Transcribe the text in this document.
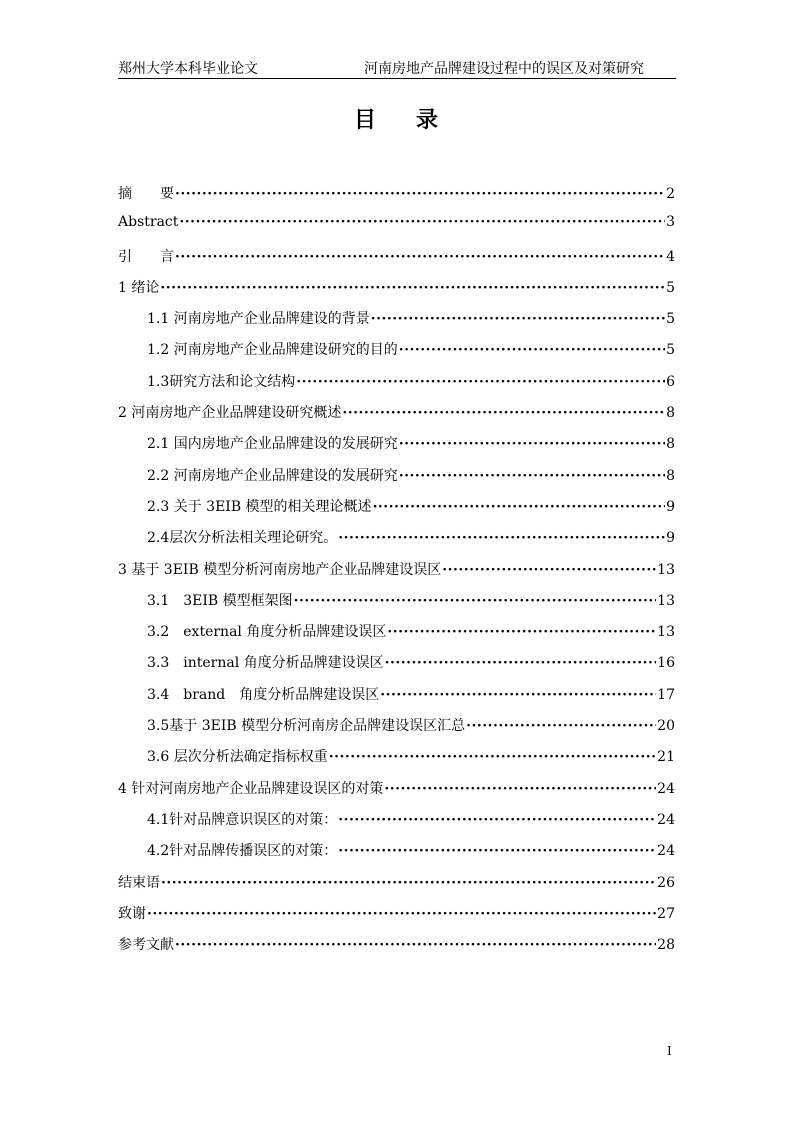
郑州大学本科毕业论文	河南房地产品牌建设过程中的误区及对策研究
目 录
摘　　要 ·····	2
Abstract ·····	3
引　　言 ·····	4
1 绪论 ·····	5
1.1 河南房地产企业品牌建设的背景 ·····	5
1.2 河南房地产企业品牌建设研究的目的 ·····	5
1.3研究方法和论文结构 ·····	6
2 河南房地产企业品牌建设研究概述 ·····	8
2.1 国内房地产企业品牌建设的发展研究 ·····	8
2.2 河南房地产企业品牌建设的发展研究 ·····	8
2.3 关于 3EIB 模型的相关理论概述 ·····	9
2.4层次分析法相关理论研究。 ·····	9
3 基于 3EIB 模型分析河南房地产企业品牌建设误区 ·····	13
3.1　3EIB 模型框架图 ·····	13
3.2　external 角度分析品牌建设误区 ·····	13
3.3　internal 角度分析品牌建设误区 ·····	16
3.4　brand　角度分析品牌建设误区 ·····	17
3.5基于 3EIB 模型分析河南房企品牌建设误区汇总 ·····	20
3.6 层次分析法确定指标权重 ·····	21
4 针对河南房地产企业品牌建设误区的对策 ·····	24
4.1针对品牌意识误区的对策： ·····	24
4.2针对品牌传播误区的对策： ·····	24
结束语 ·····	26
致谢 ·····	27
参考文献 ·····	28
I
